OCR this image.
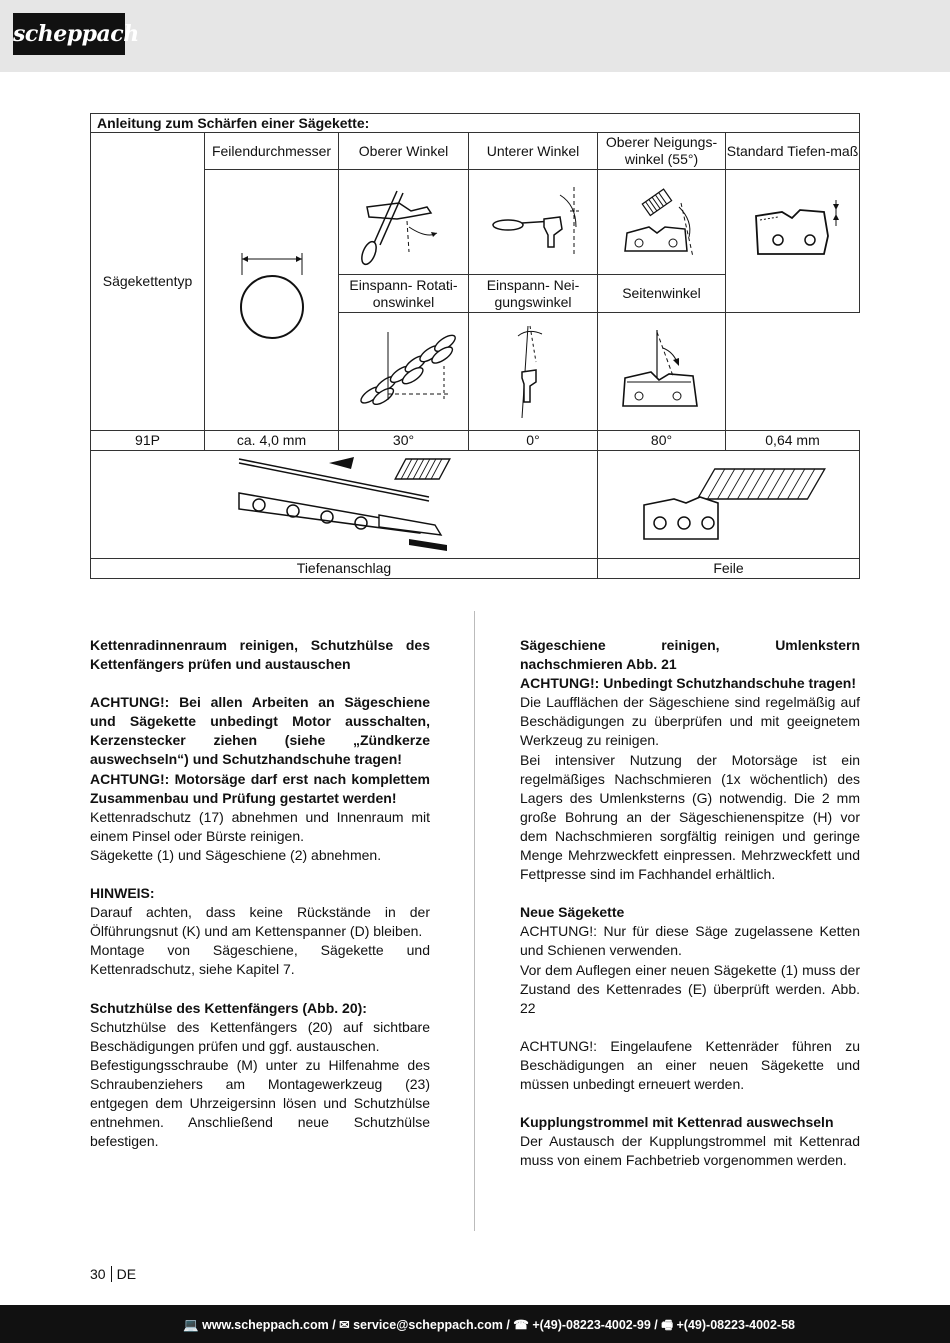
scheppach
Anleitung zum Schärfen einer Sägekette:					
Sägekettentyp	Feilendurchmesser	Oberer Winkel	Unterer Winkel	Oberer Neigungs-winkel (55°)	Standard Tiefen-maß

		Einspann- Rotati-onswinkel	Einspann- Nei-gungswinkel	Seitenwinkel	

91P	ca. 4,0 mm	30°	0°	80°	0,64 mm

Tiefenanschlag				Feile	

Kettenradinnenraum reinigen, Schutzhülse des Kettenfängers prüfen und austauschen

ACHTUNG!: Bei allen Arbeiten an Sägeschiene und Sägekette unbedingt Motor ausschalten, Kerzenstecker ziehen (siehe „Zündkerze auswechseln“) und Schutzhandschuhe tragen!

ACHTUNG!: Motorsäge darf erst nach komplettem Zusammenbau und Prüfung gestartet werden!

Kettenradschutz (17) abnehmen und Innenraum mit einem Pinsel oder Bürste reinigen.

Sägekette (1) und Sägeschiene (2) abnehmen.

HINWEIS:

Darauf achten, dass keine Rückstände in der Ölführungsnut (K) und am Kettenspanner (D) bleiben.

Montage von Sägeschiene, Sägekette und Kettenradschutz, siehe Kapitel 7.

Schutzhülse des Kettenfängers (Abb. 20):

Schutzhülse des Kettenfängers (20) auf sichtbare Beschädigungen prüfen und ggf. austauschen.

Befestigungsschraube (M) unter zu Hilfenahme des Schraubenziehers am Montagewerkzeug (23) entgegen dem Uhrzeigersinn lösen und Schutzhülse entnehmen. Anschließend neue Schutzhülse befestigen.

Sägeschiene reinigen, Umlenkstern nachschmieren Abb. 21

ACHTUNG!: Unbedingt Schutzhandschuhe tragen!

Die Laufflächen der Sägeschiene sind regelmäßig auf Beschädigungen zu überprüfen und mit geeignetem Werkzeug zu reinigen.

Bei intensiver Nutzung der Motorsäge ist ein regelmäßiges Nachschmieren (1x wöchentlich) des Lagers des Umlenksterns (G) notwendig. Die 2 mm große Bohrung an der Sägeschienenspitze (H) vor dem Nachschmieren sorgfältig reinigen und geringe Menge Mehrzweckfett einpressen. Mehrzweckfett und Fettpresse sind im Fachhandel erhältlich.

Neue Sägekette

ACHTUNG!: Nur für diese Säge zugelassene Ketten und Schienen verwenden.

Vor dem Auflegen einer neuen Sägekette (1) muss der Zustand des Kettenrades (E) überprüft werden. Abb. 22

ACHTUNG!: Eingelaufene Kettenräder führen zu Beschädigungen an einer neuen Sägekette und müssen unbedingt erneuert werden.

Kupplungstrommel mit Kettenrad auswechseln

Der Austausch der Kupplungstrommel mit Kettenrad muss von einem Fachbetrieb vorgenommen werden.

30 DE
💻 www.scheppach.com / ✉ service@scheppach.com / ☎ +(49)-08223-4002-99 / 🖷 +(49)-08223-4002-58
